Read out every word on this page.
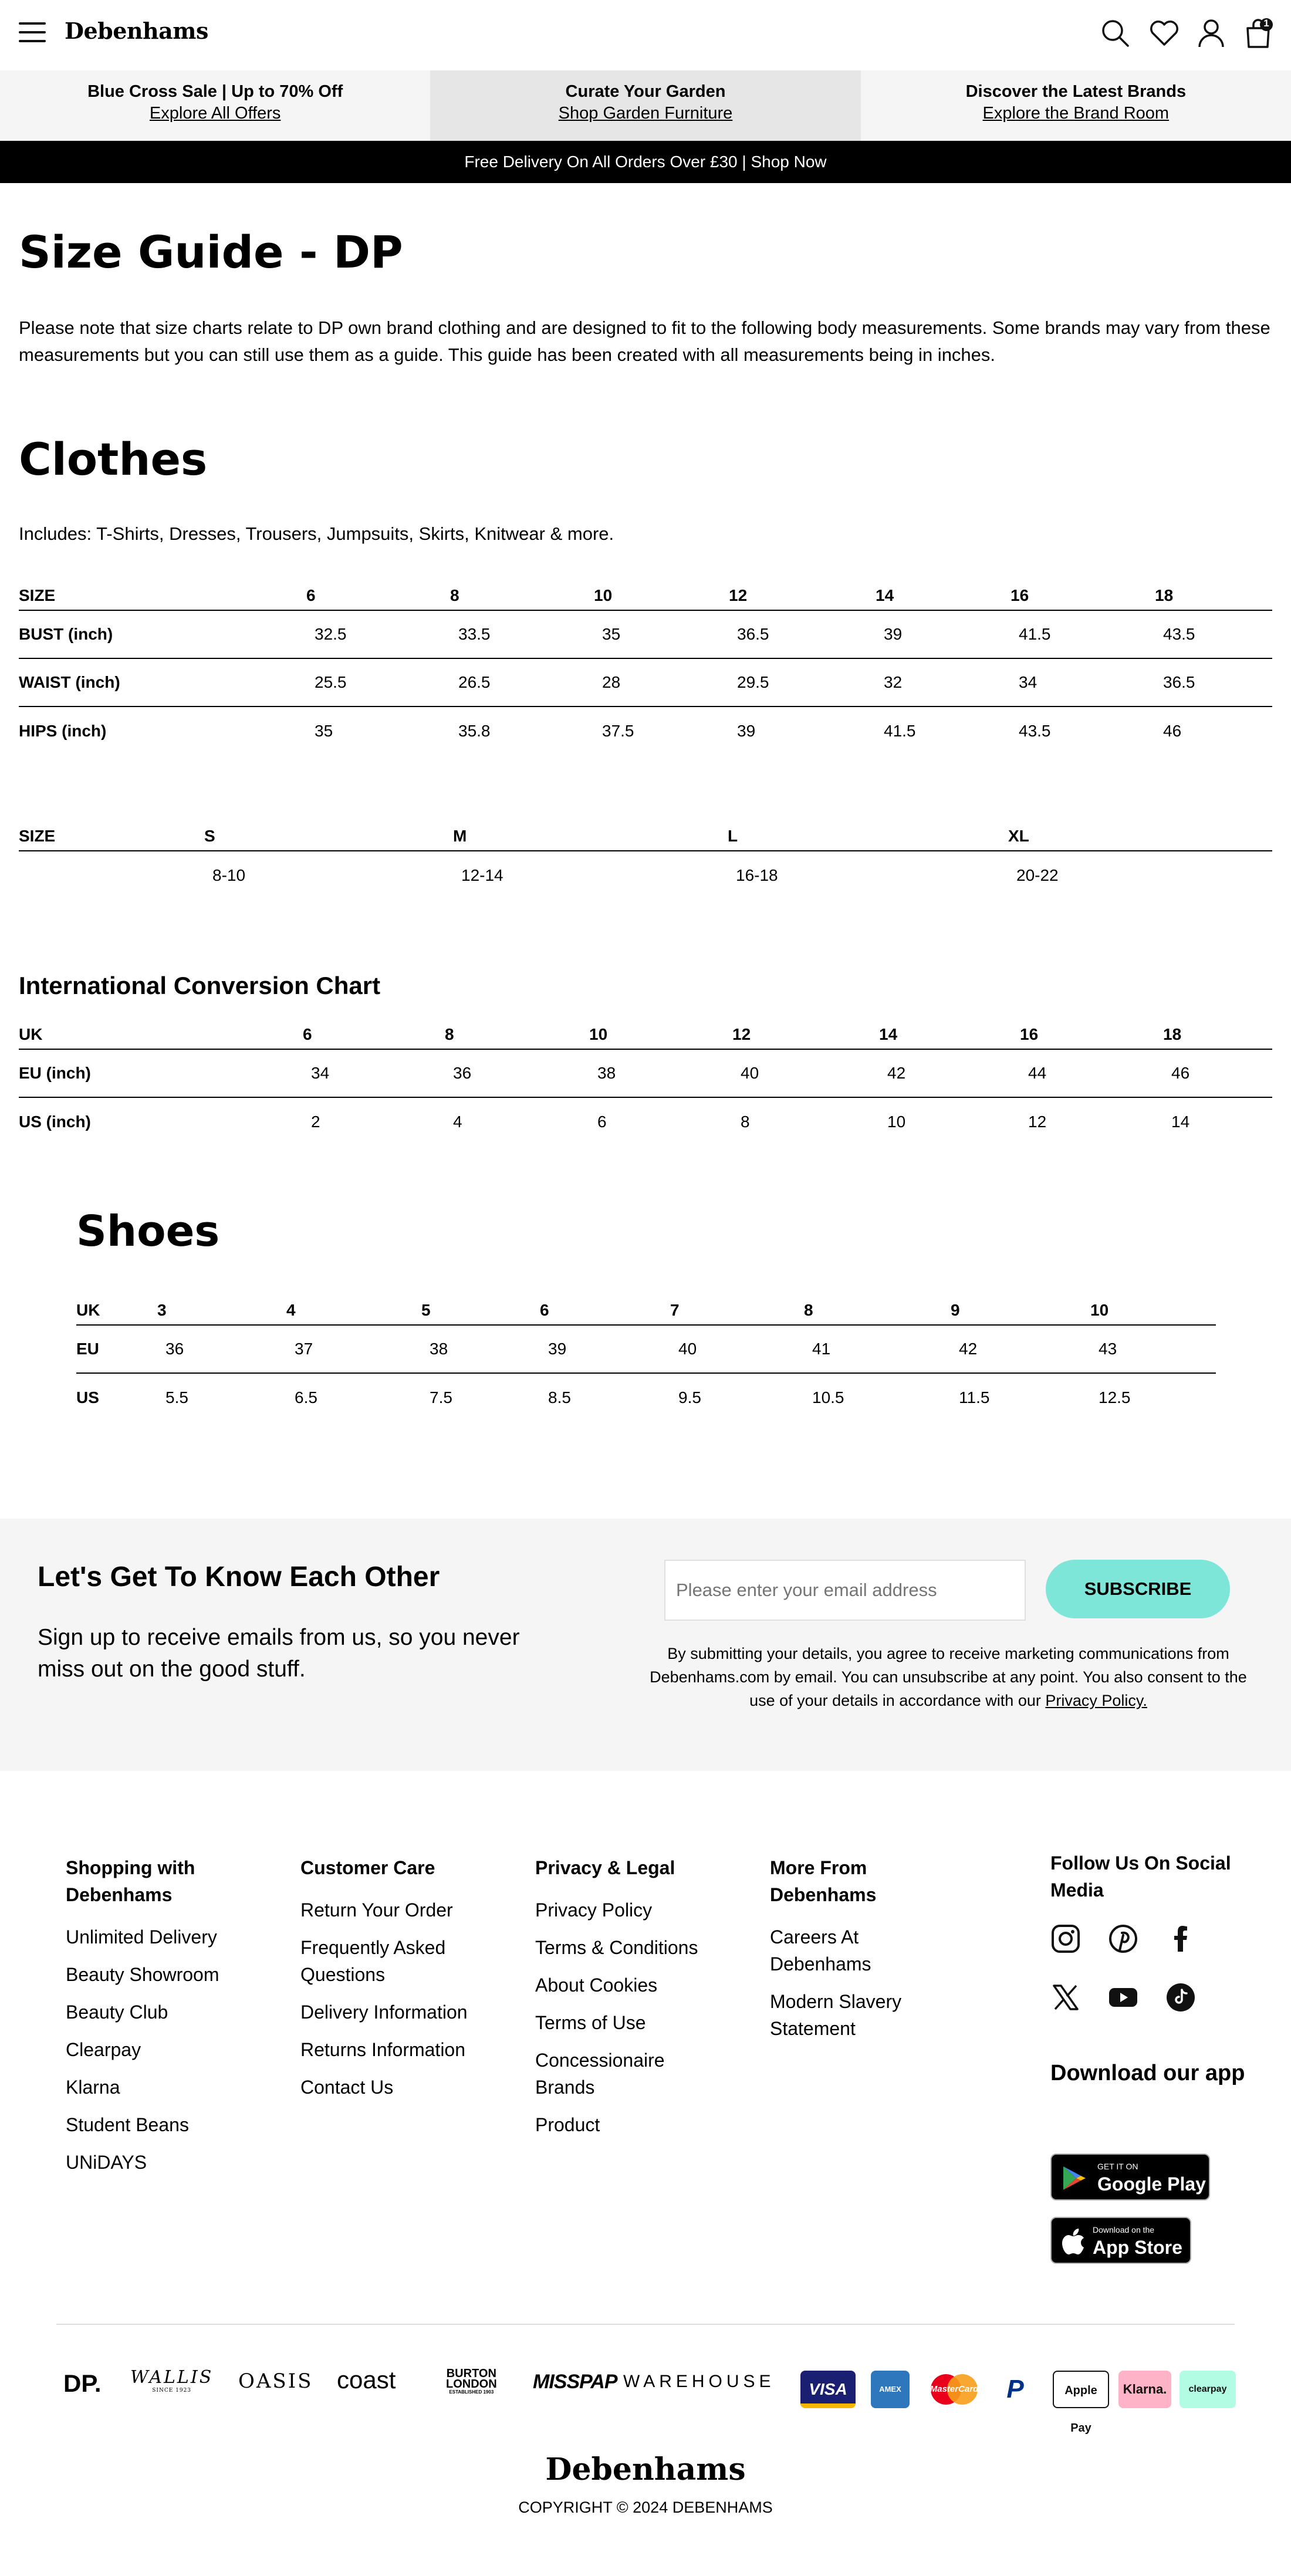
Debenhams	1
Blue Cross Sale | Up to 70% Off
Explore All Offers
Curate Your Garden
Shop Garden Furniture
Discover the Latest Brands
Explore the Brand Room
Free Delivery On All Orders Over £30 | Shop Now
Size Guide - DP

Please note that size charts relate to DP own brand clothing and are designed to fit to the following body measurements. Some brands may vary from these measurements but you can still use them as a guide. This guide has been created with all measurements being in inches.

Clothes

Includes: T-Shirts, Dresses, Trousers, Jumpsuits, Skirts, Knitwear & more.

SIZE	6	8	10	12	14	16	18
BUST (inch)	32.5	33.5	35	36.5	39	41.5	43.5
WAIST (inch)	25.5	26.5	28	29.5	32	34	36.5
HIPS (inch)	35	35.8	37.5	39	41.5	43.5	46
SIZE	S	M	L	XL
	8-10	12-14	16-18	20-22
International Conversion Chart
UK	6	8	10	12	14	16	18
EU (inch)	34	36	38	40	42	44	46
US (inch)	2	4	6	8	10	12	14
Shoes
UK	3	4	5	6	7	8	9	10
EU	36	37	38	39	40	41	42	43
US	5.5	6.5	7.5	8.5	9.5	10.5	11.5	12.5
Let's Get To Know Each Other
Sign up to receive emails from us, so you never miss out on the good stuff.
Please enter your email address
SUBSCRIBE
By submitting your details, you agree to receive marketing communications from Debenhams.com by email. You can unsubscribe at any point. You also consent to the use of your details in accordance with our Privacy Policy.
Shopping with Debenhams
Unlimited Delivery
Beauty Showroom
Beauty Club
Clearpay
Klarna
Student Beans
UNiDAYS
Customer Care
Return Your Order
Frequently Asked Questions
Delivery Information
Returns Information
Contact Us
Privacy & Legal
Privacy Policy
Terms & Conditions
About Cookies
Terms of Use
Concessionaire Brands
Product
More From Debenhams
Careers At Debenhams
Modern Slavery Statement
Follow Us On Social Media
Download our app
GET IT ON
Google Play
Download on the
App Store
DP. WALLIS
SINCE 1923	OASIS coast	BURTON
LONDON
ESTABLISHED 1903 MISSPAP WAREHOUSE	VISA	AMEX	MasterCard	P	Apple Pay
Klarna.	clearpay
Debenhams
COPYRIGHT © 2024 DEBENHAMS
